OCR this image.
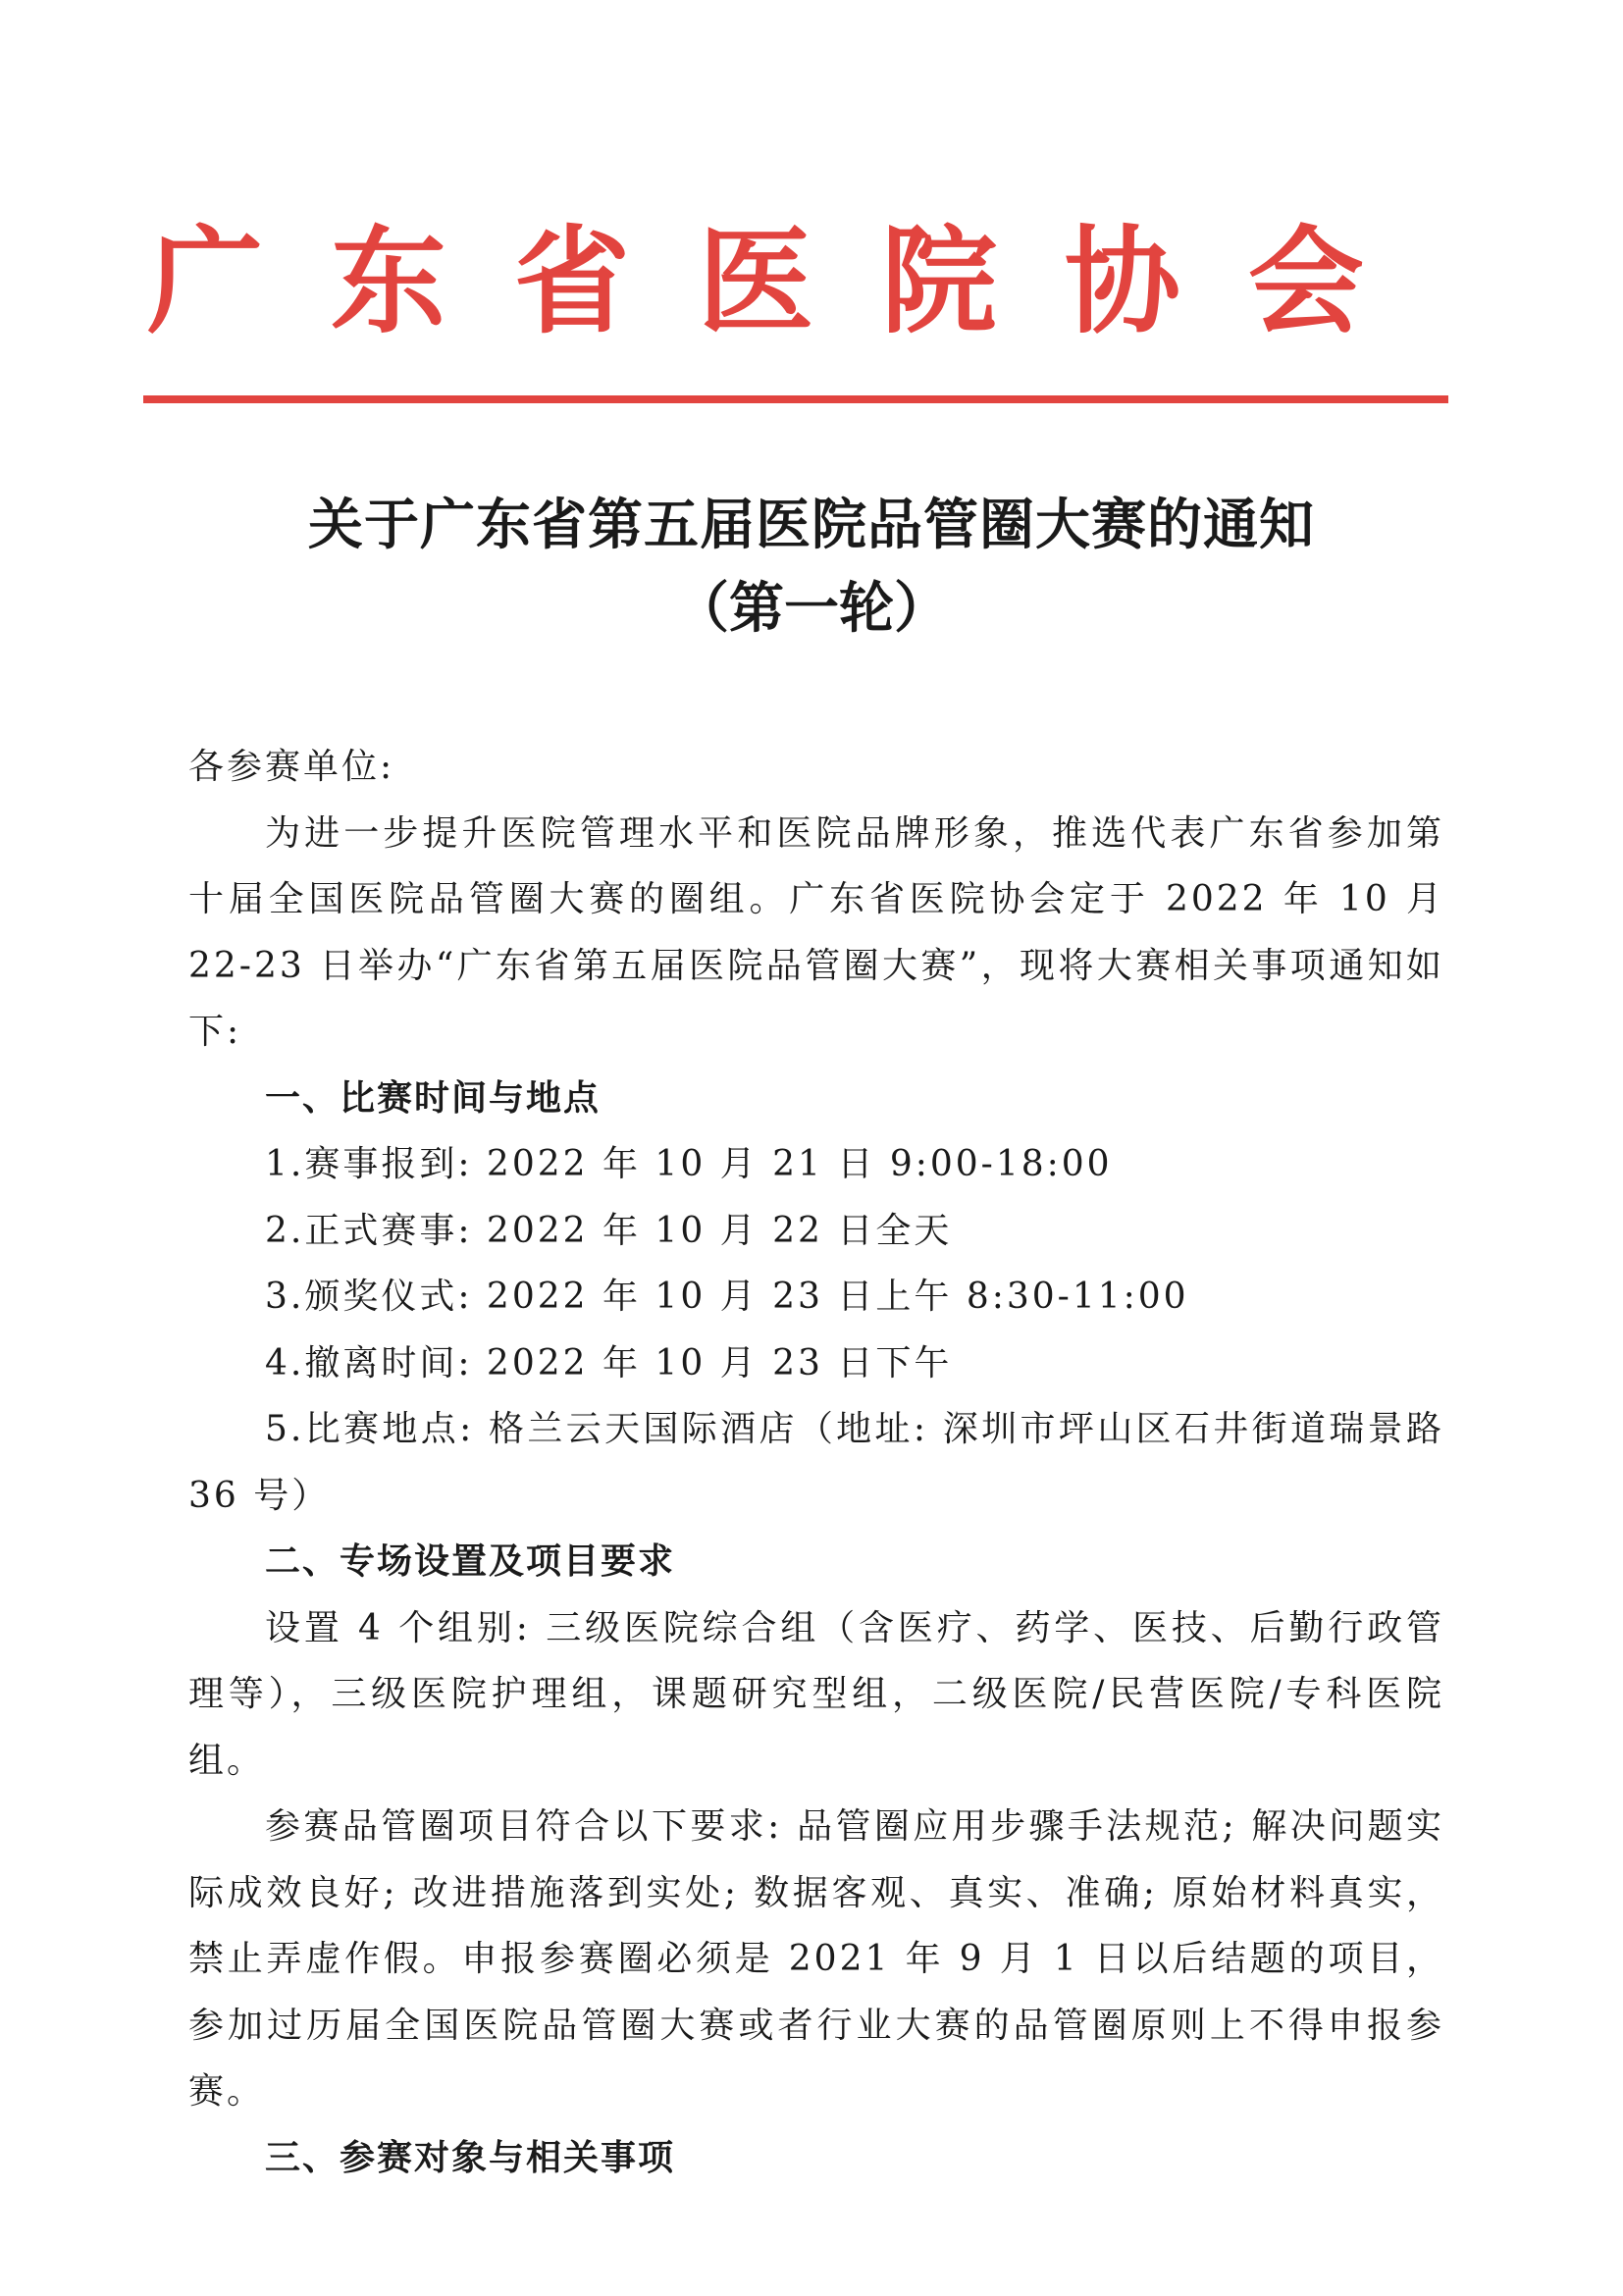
广 东 省 医 院 协 会
关于广东省第五届医院品管圈大赛的通知
（第一轮）

各参赛单位:

为进一步提升医院管理水平和医院品牌形象，推选代表广东省参加第十届全国医院品管圈大赛的圈组。广东省医院协会定于 2022 年 10 月 22-23 日举办“广东省第五届医院品管圈大赛”，现将大赛相关事项通知如下:

一、比赛时间与地点

1.赛事报到: 2022 年 10 月 21 日 9:00-18:00

2.正式赛事: 2022 年 10 月 22 日全天

3.颁奖仪式: 2022 年 10 月 23 日上午 8:30-11:00

4.撤离时间: 2022 年 10 月 23 日下午

5.比赛地点: 格兰云天国际酒店（地址: 深圳市坪山区石井街道瑞景路 36 号）

二、专场设置及项目要求

设置 4 个组别: 三级医院综合组（含医疗、药学、医技、后勤行政管理等），三级医院护理组，课题研究型组，二级医院/民营医院/专科医院组。

参赛品管圈项目符合以下要求: 品管圈应用步骤手法规范; 解决问题实际成效良好; 改进措施落到实处; 数据客观、真实、准确; 原始材料真实，禁止弄虚作假。申报参赛圈必须是 2021 年 9 月 1 日以后结题的项目，参加过历届全国医院品管圈大赛或者行业大赛的品管圈原则上不得申报参赛。

三、参赛对象与相关事项
